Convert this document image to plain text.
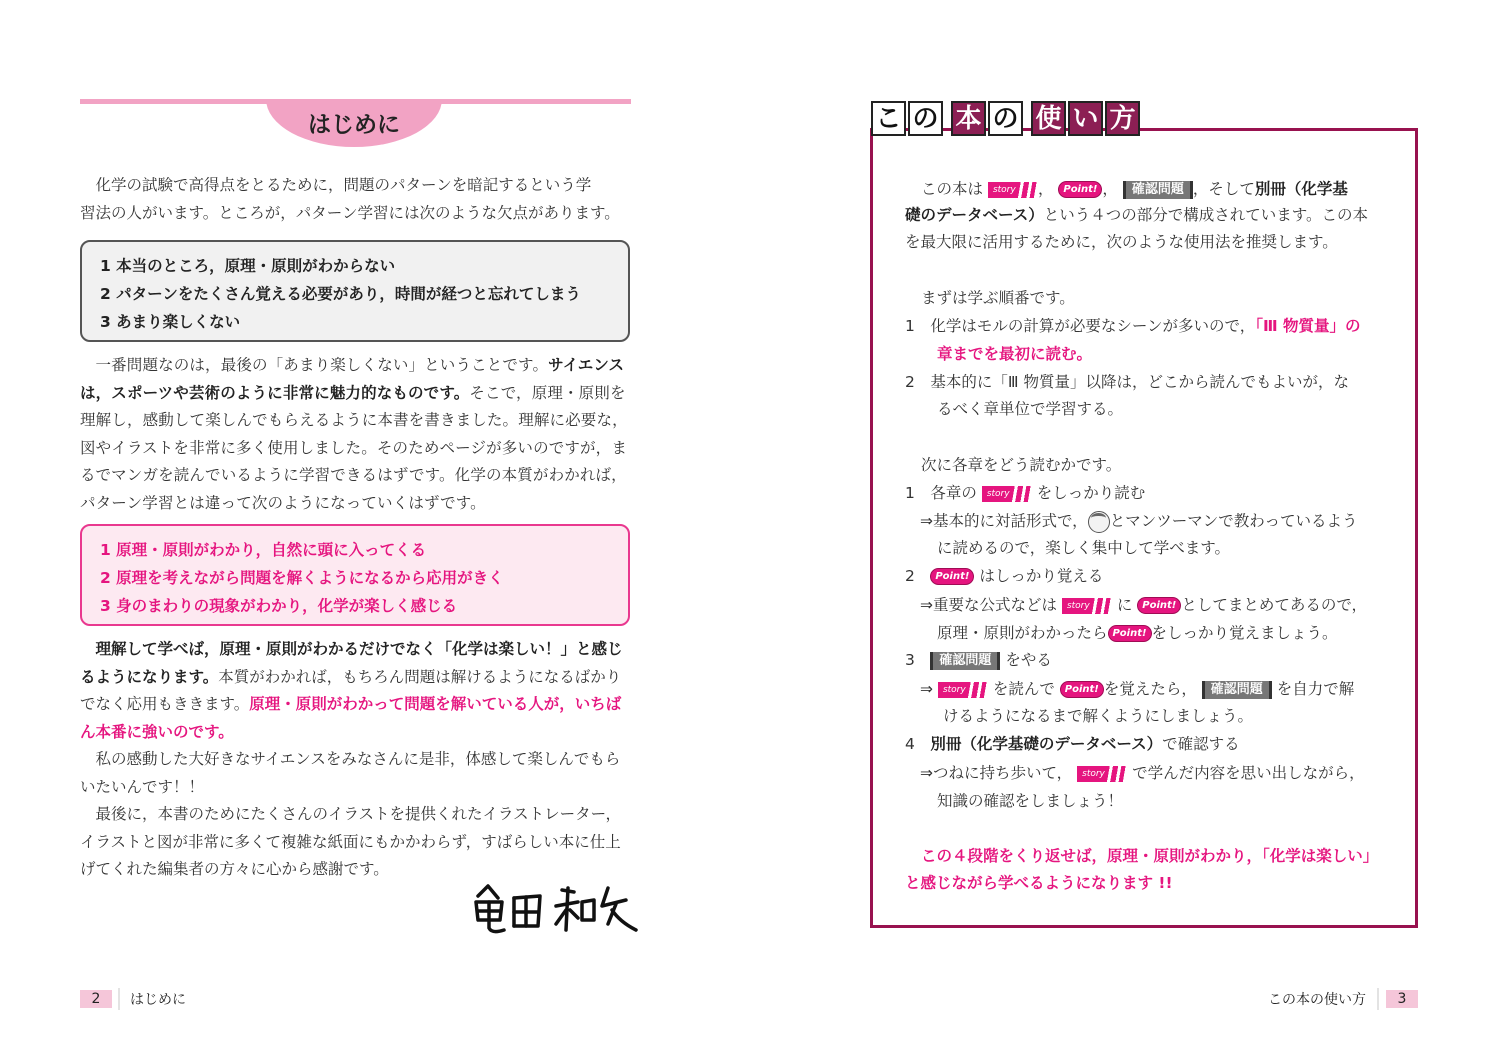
はじめに
化学の試験で高得点をとるために，問題のパターンを暗記するという学
習法の人がいます。ところが，パターン学習には次のような欠点があります。
1 本当のところ，原理・原則がわからない
2 パターンをたくさん覚える必要があり，時間が経つと忘れてしまう
3 あまり楽しくない

一番問題なのは，最後の「あまり楽しくない」ということです。サイエンスは，スポーツや芸術のように非常に魅力的なものです。そこで，原理・原則を理解し，感動して楽しんでもらえるように本書を書きました。理解に必要な，図やイラストを非常に多く使用しました。そのためページが多いのですが，まるでマンガを読んでいるように学習できるはずです。化学の本質がわかれば，パターン学習とは違って次のようになっていくはずです。

1 原理・原則がわかり，自然に頭に入ってくる
2 原理を考えながら問題を解くようになるから応用がきく
3 身のまわりの現象がわかり，化学が楽しく感じる

理解して学べば，原理・原則がわかるだけでなく「化学は楽しい！」と感じるようになります。本質がわかれば，もちろん問題は解けるようになるばかりでなく応用もききます。原理・原則がわかって問題を解いている人が，いちばん本番に強いのです。

私の感動した大好きなサイエンスをみなさんに是非，体感して楽しんでもらいたいんです！！

最後に，本書のためにたくさんのイラストを提供くれたイラストレーター，イラストと図が非常に多くて複雑な紙面にもかかわらず，すばらしい本に仕上げてくれた編集者の方々に心から感謝です。

2	はじめに
こ の 本 の 使 い 方
この本は story ， Point! ， 確認問題 ，そして別冊（化学基
礎のデータベース）という４つの部分で構成されています。この本
を最大限に活用するために，次のような使用法を推奨します。
まずは学ぶ順番です。
1　化学はモルの計算が必要なシーンが多いので，「Ⅲ 物質量」の
章までを最初に読む。
2　基本的に「Ⅲ 物質量」以降は，どこから読んでもよいが，な
るべく章単位で学習する。
次に各章をどう読むかです。
1　各章の story をしっかり読む
⇒基本的に対話形式で， とマンツーマンで教わっているよう
に読めるので，楽しく集中して学べます。
2　 Point! はしっかり覚える
⇒重要な公式などは story に Point! としてまとめてあるので，
原理・原則がわかったら Point! をしっかり覚えましょう。
3　 確認問題 をやる
⇒ story を読んで Point! を覚えたら， 確認問題 を自力で解
けるようになるまで解くようにしましょう。
4　 別冊（化学基礎のデータベース）で確認する
⇒つねに持ち歩いて， story で学んだ内容を思い出しながら，
知識の確認をしましょう！
この４段階をくり返せば，原理・原則がわかり，「化学は楽しい」
と感じながら学べるようになります !!
この本の使い方	3
